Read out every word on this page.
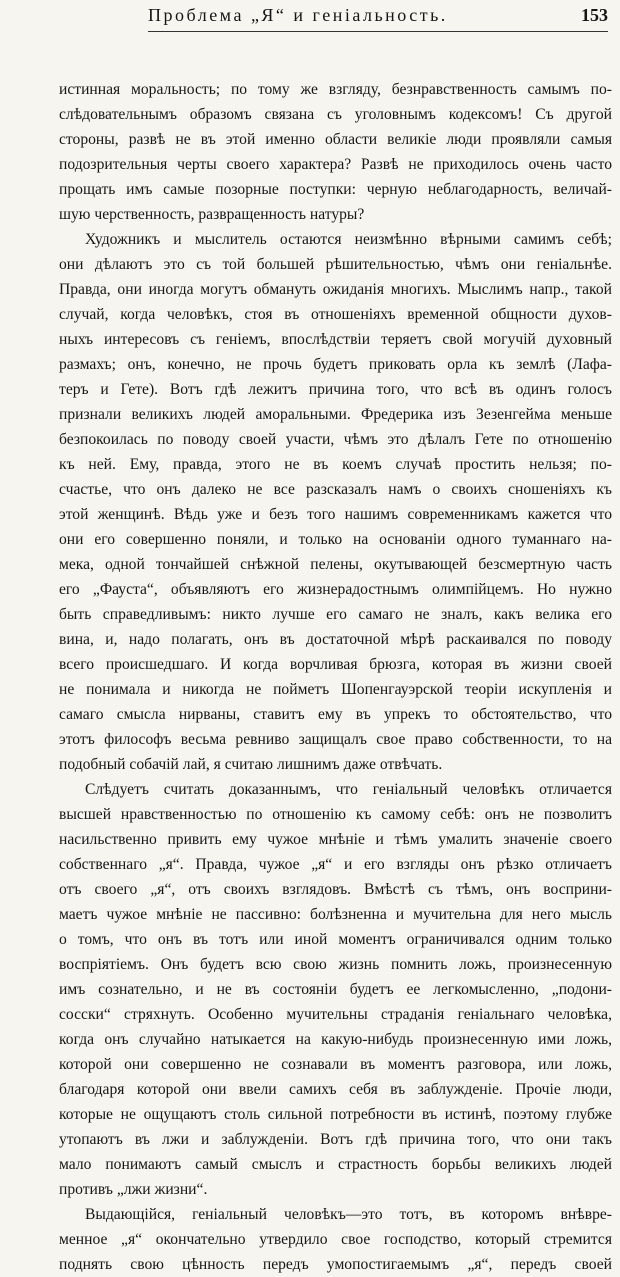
Проблема „Я“ и геніальность.	153
истинная моральность; по тому же взгляду, безнравственность самымъ по-
слѣдовательнымъ образомъ связана съ уголовнымъ кодексомъ! Съ другой
стороны, развѣ не въ этой именно области великіе люди проявляли самыя
подозрительныя черты своего характера? Развѣ не приходилось очень часто
прощать имъ самые позорные поступки: черную неблагодарность, величай-
шую черственность, развращенность натуры?
Художникъ и мыслитель остаются неизмѣнно вѣрными самимъ себѣ;
они дѣлаютъ это съ той большей рѣшительностью, чѣмъ они геніальнѣе.
Правда, они иногда могутъ обмануть ожиданія многихъ. Мыслимъ напр., такой
случай, когда человѣкъ, стоя въ отношеніяхъ временной общности духов-
ныхъ интересовъ съ геніемъ, впослѣдствіи теряетъ свой могучій духовный
размахъ; онъ, конечно, не прочь будетъ приковать орла къ землѣ (Лафа-
теръ и Гете). Вотъ гдѣ лежитъ причина того, что всѣ въ одинъ голосъ
признали великихъ людей аморальными. Фредерика изъ Зезенгейма меньше
безпокоилась по поводу своей участи, чѣмъ это дѣлалъ Гете по отношенію
къ ней. Ему, правда, этого не въ коемъ случаѣ простить нельзя; по-
счастье, что онъ далеко не все разсказалъ намъ о своихъ сношеніяхъ къ
этой женщинѣ. Вѣдь уже и безъ того нашимъ современникамъ кажется что
они его совершенно поняли, и только на основаніи одного туманнаго на-
мека, одной тончайшей снѣжной пелены, окутывающей безсмертную часть
его „Фауста“, объявляютъ его жизнерадостнымъ олимпійцемъ. Но нужно
быть справедливымъ: никто лучше его самаго не зналъ, какъ велика его
вина, и, надо полагать, онъ въ достаточной мѣрѣ раскаивался по поводу
всего происшедшаго. И когда ворчливая брюзга, которая въ жизни своей
не понимала и никогда не пойметъ Шопенгауэрской теоріи искупленія и
самаго смысла нирваны, ставитъ ему въ упрекъ то обстоятельство, что
этотъ философъ весьма ревниво защищалъ свое право собственности, то на
подобный собачій лай, я считаю лишнимъ даже отвѣчать.
Слѣдуетъ считать доказаннымъ, что геніальный человѣкъ отличается
высшей нравственностью по отношенію къ самому себѣ: онъ не позволитъ
насильственно привить ему чужое мнѣніе и тѣмъ умалить значеніе своего
собственнаго „я“. Правда, чужое „я“ и его взгляды онъ рѣзко отличаетъ
отъ своего „я“, отъ своихъ взглядовъ. Вмѣстѣ съ тѣмъ, онъ восприни-
маетъ чужое мнѣніе не пассивно: болѣзненна и мучительна для него мысль
о томъ, что онъ въ тотъ или иной моментъ ограничивался одним только
воспріятіемъ. Онъ будетъ всю свою жизнь помнить ложь, произнесенную
имъ сознательно, и не въ состояніи будетъ ее легкомысленно, „подони-
сосски“ стряхнуть. Особенно мучительны страданія геніальнаго человѣка,
когда онъ случайно натыкается на какую-нибудь произнесенную ими ложь,
которой они совершенно не сознавали въ моментъ разговора, или ложь,
благодаря которой они ввели самихъ себя въ заблужденіе. Прочіе люди,
которые не ощущаютъ столь сильной потребности въ истинѣ, поэтому глубже
утопаютъ въ лжи и заблужденіи. Вотъ гдѣ причина того, что они такъ
мало понимаютъ самый смыслъ и страстность борьбы великихъ людей
противъ „лжи жизни“.
Выдающійся, геніальный человѣкъ—это тотъ, въ которомъ внѣвре-
менное „я“ окончательно утвердило свое господство, который стремится
поднять свою цѣнность передъ умопостигаемымъ „я“, передъ своей
